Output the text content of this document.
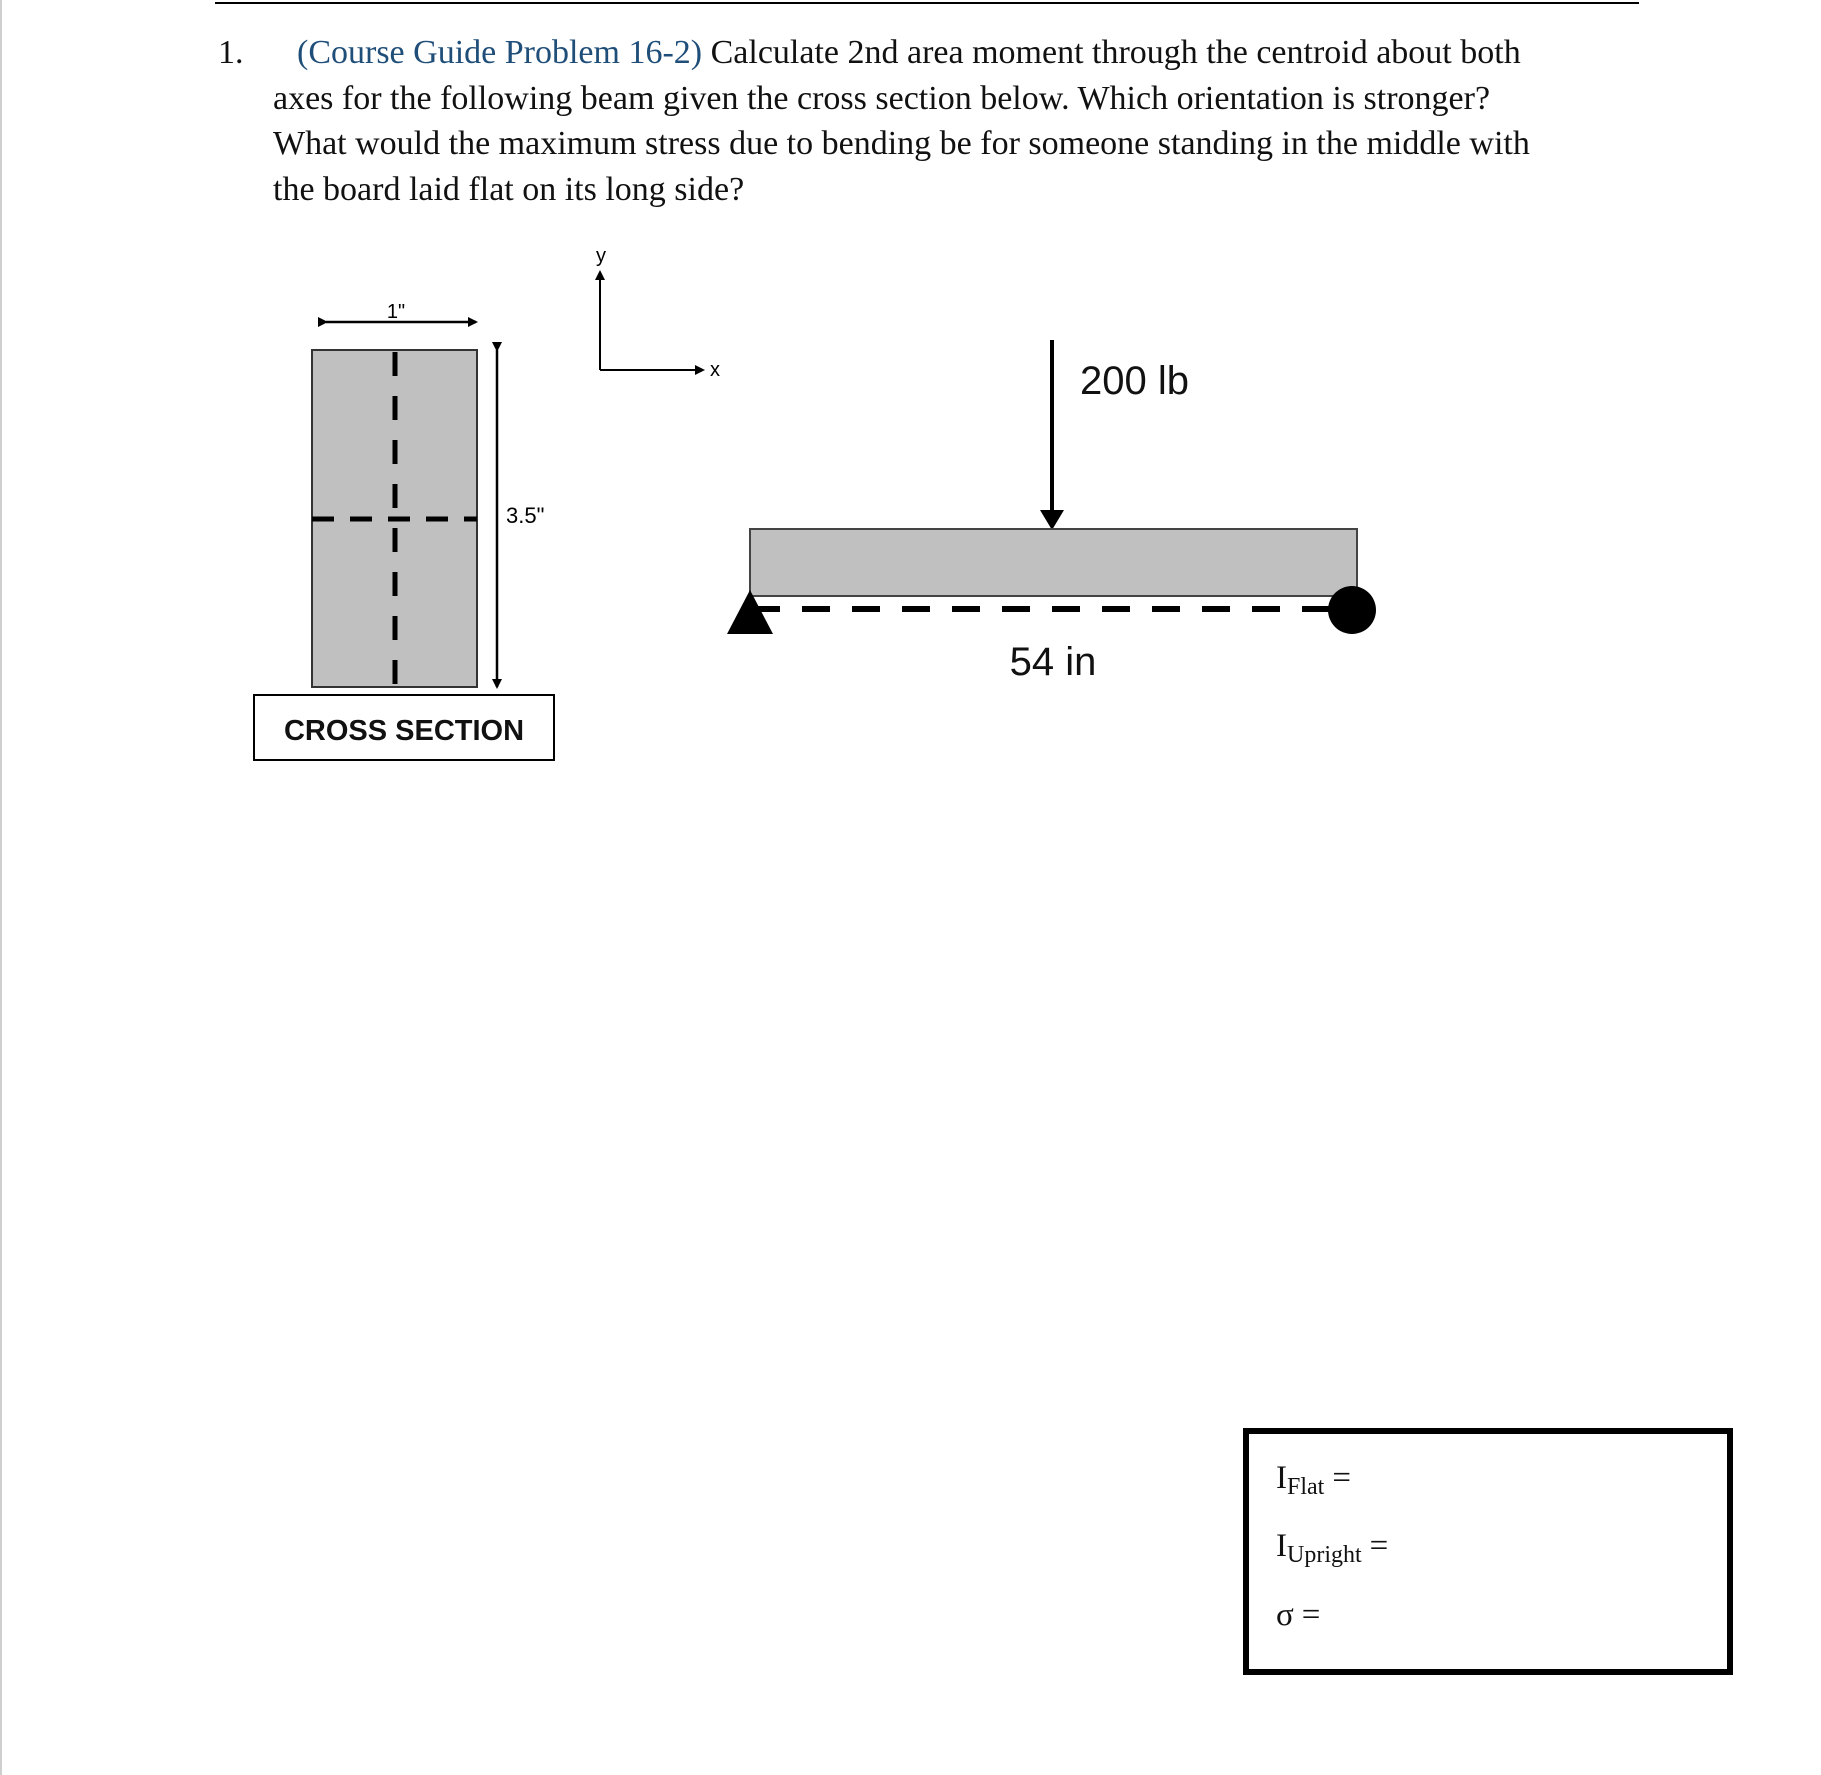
1. (Course Guide Problem 16-2) Calculate 2nd area moment through the centroid about both
axes for the following beam given the cross section below. Which orientation is stronger?
What would the maximum stress due to bending be for someone standing in the middle with
the board laid flat on its long side?
1"
3.5"
CROSS SECTION
y
x	200 lb
54 in
IFlat =
IUpright =
σ =
